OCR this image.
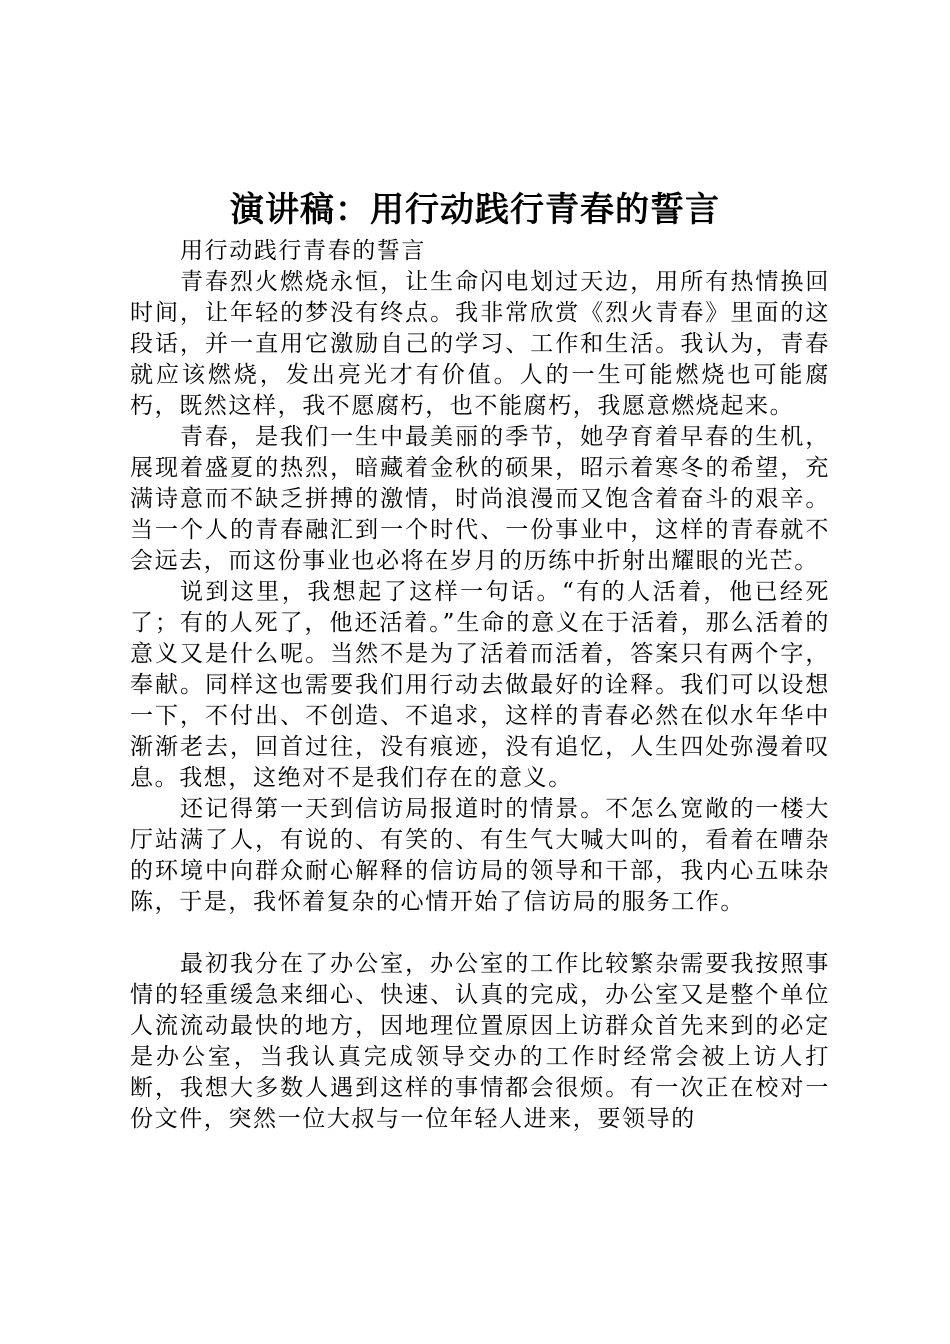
演讲稿：用行动践行青春的誓言

用行动践行青春的誓言

青春烈火燃烧永恒，让生命闪电划过天边，用所有热情换回时间，让年轻的梦没有终点。我非常欣赏《烈火青春》里面的这段话，并一直用它激励自己的学习、工作和生活。我认为，青春就应该燃烧，发出亮光才有价值。人的一生可能燃烧也可能腐朽，既然这样，我不愿腐朽，也不能腐朽，我愿意燃烧起来。

青春，是我们一生中最美丽的季节，她孕育着早春的生机，展现着盛夏的热烈，暗藏着金秋的硕果，昭示着寒冬的希望，充满诗意而不缺乏拼搏的激情，时尚浪漫而又饱含着奋斗的艰辛。当一个人的青春融汇到一个时代、一份事业中，这样的青春就不会远去，而这份事业也必将在岁月的历练中折射出耀眼的光芒。

说到这里，我想起了这样一句话。“有的人活着，他已经死了；有的人死了，他还活着。”生命的意义在于活着，那么活着的意义又是什么呢。当然不是为了活着而活着，答案只有两个字，奉献。同样这也需要我们用行动去做最好的诠释。我们可以设想一下，不付出、不创造、不追求，这样的青春必然在似水年华中渐渐老去，回首过往，没有痕迹，没有追忆，人生四处弥漫着叹息。我想，这绝对不是我们存在的意义。

还记得第一天到信访局报道时的情景。不怎么宽敞的一楼大厅站满了人，有说的、有笑的、有生气大喊大叫的，看着在嘈杂的环境中向群众耐心解释的信访局的领导和干部，我内心五味杂陈，于是，我怀着复杂的心情开始了信访局的服务工作。

最初我分在了办公室，办公室的工作比较繁杂需要我按照事情的轻重缓急来细心、快速、认真的完成，办公室又是整个单位人流流动最快的地方，因地理位置原因上访群众首先来到的必定是办公室，当我认真完成领导交办的工作时经常会被上访人打断，我想大多数人遇到这样的事情都会很烦。有一次正在校对一份文件，突然一位大叔与一位年轻人进来，要领导的
